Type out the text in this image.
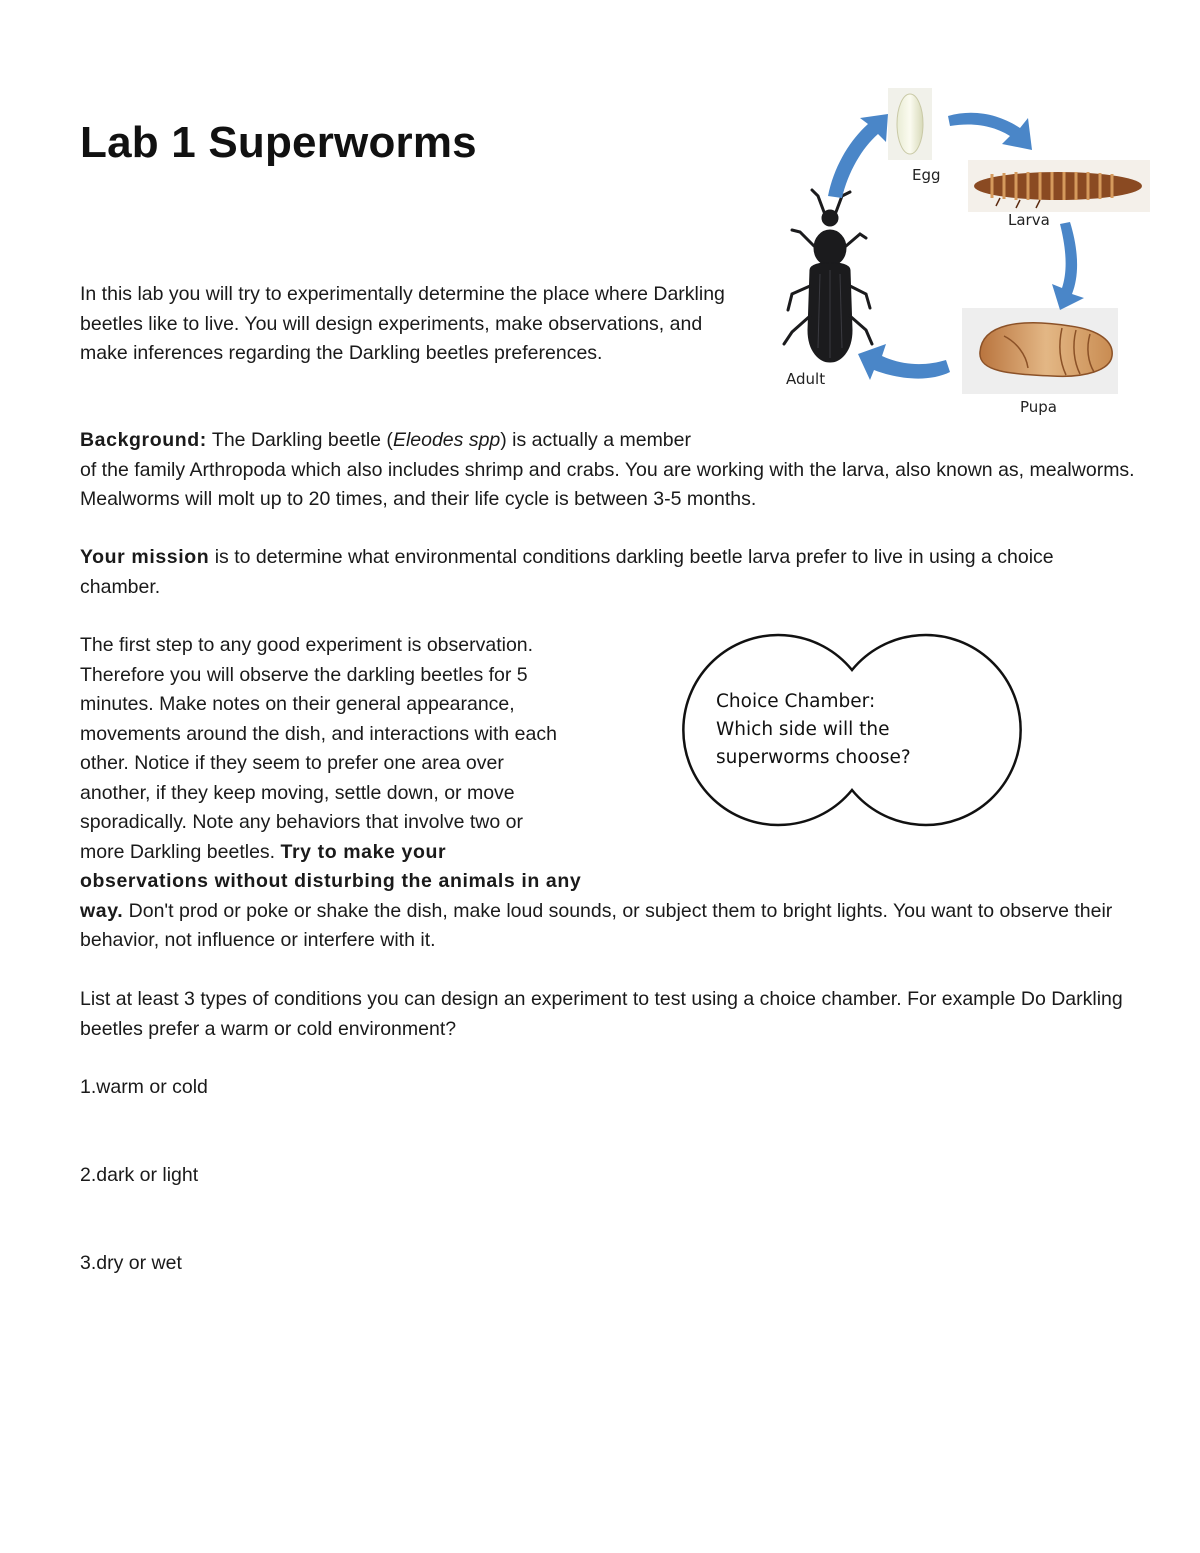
Lab 1 Superworms

In this lab you will try to experimentally determine the place where Darkling beetles like to live. You will design experiments, make observations, and make inferences regarding the Darkling beetles preferences.

Background: The Darkling beetle (Eleodes spp) is actually a member
of the family Arthropoda which also includes shrimp and crabs. You are working with the larva, also known as, mealworms. Mealworms will molt up to 20 times, and their life cycle is between 3-5 months.

Your mission is to determine what environmental conditions darkling beetle larva prefer to live in using a choice chamber.

The first step to any good experiment is observation.
Therefore you will observe the darkling beetles for 5
minutes. Make notes on their general appearance,
movements around the dish, and interactions with each
other. Notice if they seem to prefer one area over
another, if they keep moving, settle down, or move
sporadically. Note any behaviors that involve two or
more Darkling beetles. Try to make your
observations without disturbing the animals in any
way. Don't prod or poke or shake the dish, make loud sounds, or subject them to bright lights. You want to observe their behavior, not influence or interfere with it.

List at least 3 types of conditions you can design an experiment to test using a choice chamber. For example Do Darkling beetles prefer a warm or cold environment?

1.warm or cold

2.dark or light

3.dry or wet

Egg
Larva
Pupa
Adult
Choice Chamber:
Which side will the
superworms choose?
